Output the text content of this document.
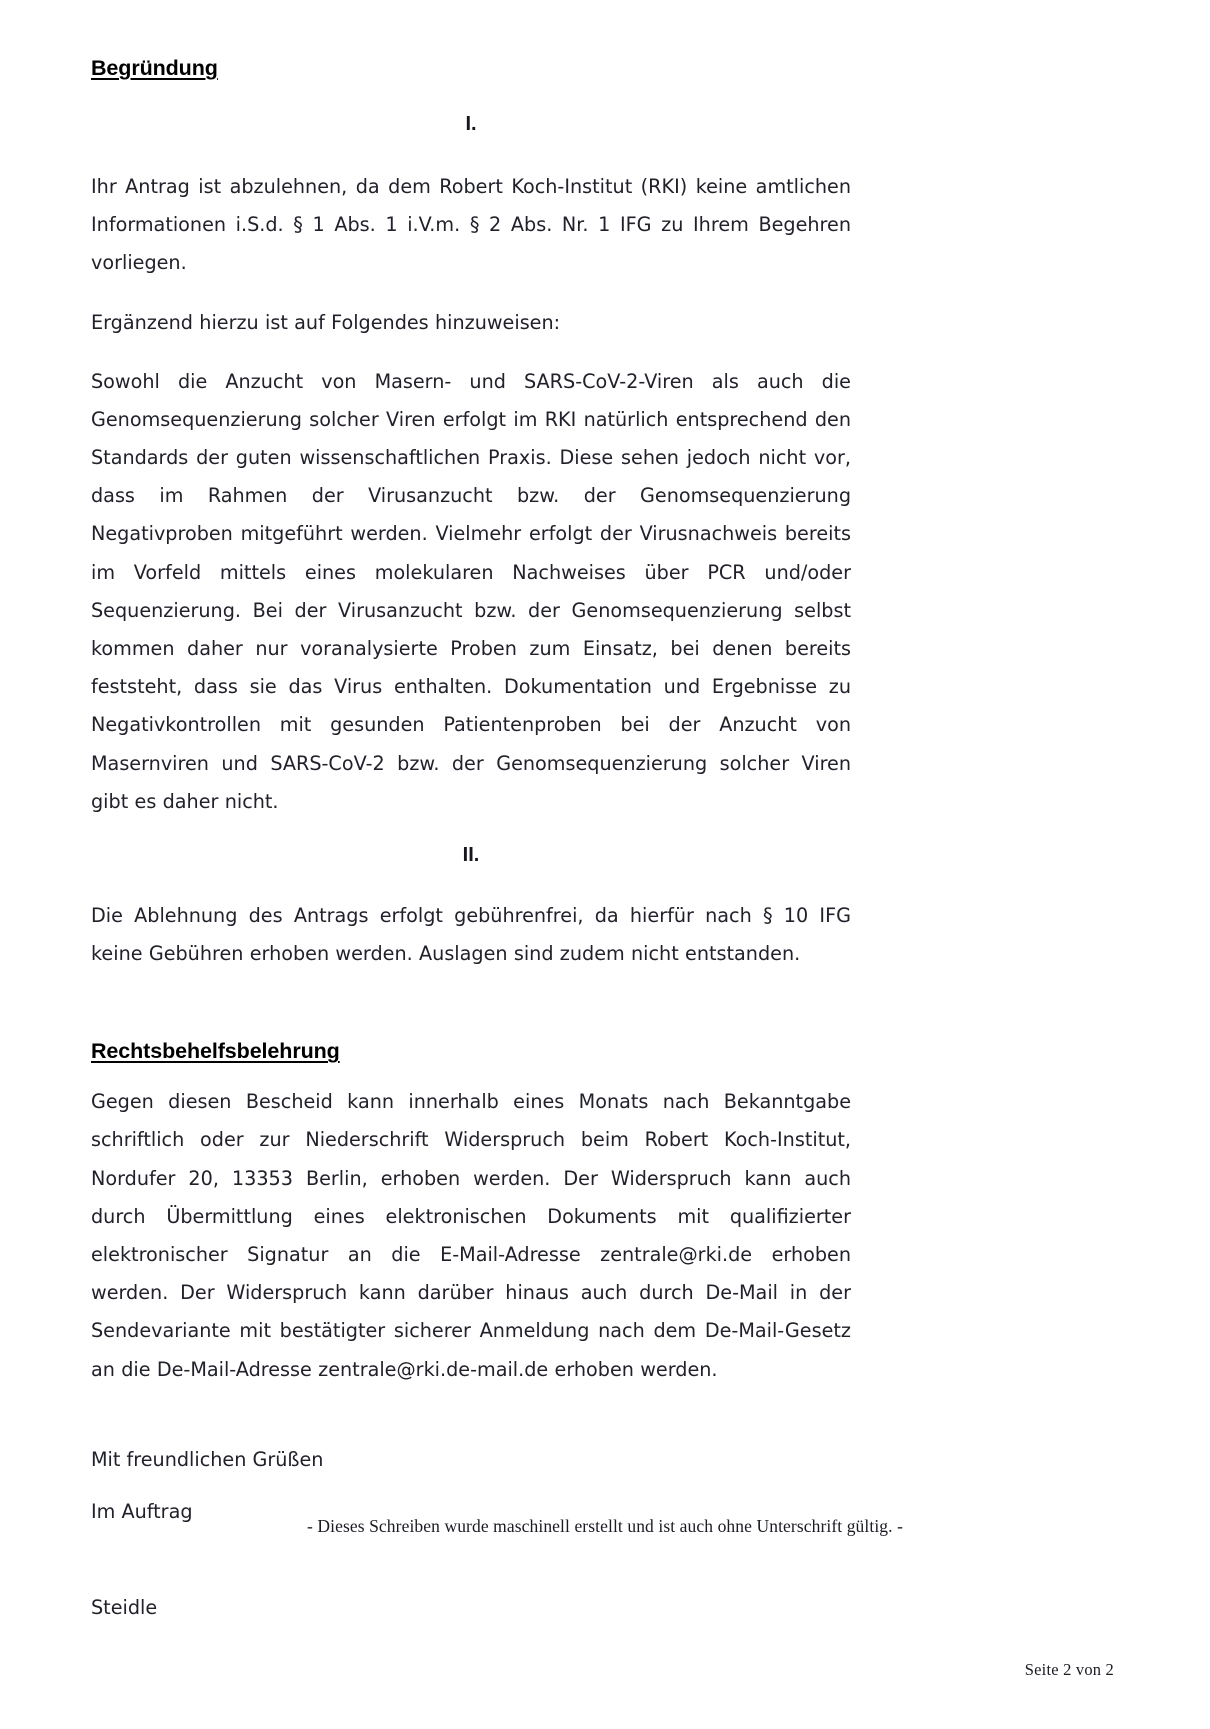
Begründung

I.

Ihr Antrag ist abzulehnen, da dem Robert Koch-Institut (RKI) keine amtlichen Informationen i.S.d. § 1 Abs. 1 i.V.m. § 2 Abs. Nr. 1 IFG zu Ihrem Begehren vorliegen.

Ergänzend hierzu ist auf Folgendes hinzuweisen:

Sowohl die Anzucht von Masern- und SARS-CoV-2-Viren als auch die Genomsequenzierung solcher Viren erfolgt im RKI natürlich entsprechend den Standards der guten wissenschaftlichen Praxis. Diese sehen jedoch nicht vor, dass im Rahmen der Virusanzucht bzw. der Genomsequenzierung Negativproben mitgeführt werden. Vielmehr erfolgt der Virusnachweis bereits im Vorfeld mittels eines molekularen Nachweises über PCR und/oder Sequenzierung. Bei der Virusanzucht bzw. der Genomsequenzierung selbst kommen daher nur voranalysierte Proben zum Einsatz, bei denen bereits feststeht, dass sie das Virus enthalten. Dokumentation und Ergebnisse zu Negativkontrollen mit gesunden Patientenproben bei der Anzucht von Masernviren und SARS-CoV-2 bzw. der Genomsequenzierung solcher Viren gibt es daher nicht.

II.

Die Ablehnung des Antrags erfolgt gebührenfrei, da hierfür nach § 10 IFG keine Gebühren erhoben werden. Auslagen sind zudem nicht entstanden.

Rechtsbehelfsbelehrung

Gegen diesen Bescheid kann innerhalb eines Monats nach Bekanntgabe schriftlich oder zur Niederschrift Widerspruch beim Robert Koch-Institut, Nordufer 20, 13353 Berlin, erhoben werden. Der Widerspruch kann auch durch Übermittlung eines elektronischen Dokuments mit qualifizierter elektronischer Signatur an die E-Mail-Adresse zentrale@rki.de erhoben werden. Der Widerspruch kann darüber hinaus auch durch De-Mail in der Sendevariante mit bestätigter sicherer Anmeldung nach dem De-Mail-Gesetz an die De-Mail-Adresse zentrale@rki.de-mail.de erhoben werden.

Mit freundlichen Grüßen

Im Auftrag

Steidle

- Dieses Schreiben wurde maschinell erstellt und ist auch ohne Unterschrift gültig. -
Seite 2 von 2
